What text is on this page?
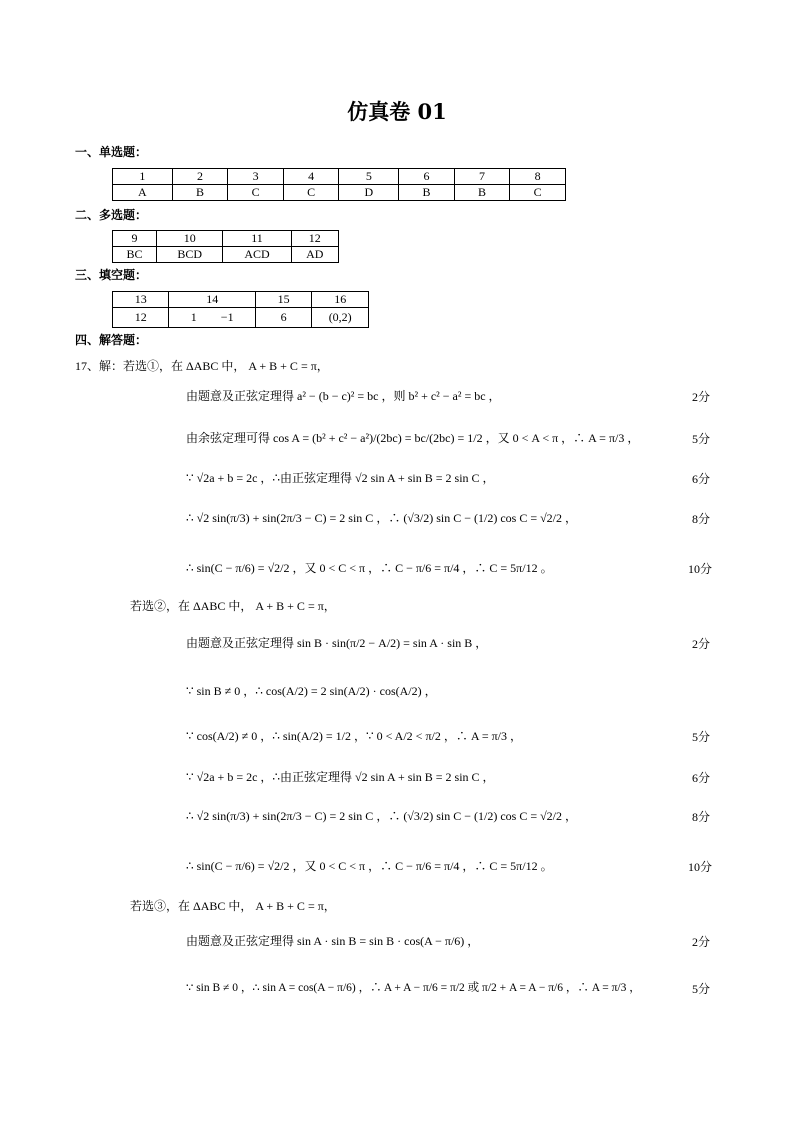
仿真卷 01
一、单选题：
1	2	3	4	5	6	7	8
A	B	C	C	D	B	B	C
二、多选题：
9	10	11	12
BC	BCD	ACD	AD
三、填空题：
13	14	15	16
12	1　　−1	6	(0,2)
四、解答题：
17、解：若选①，在 ΔABC 中， A + B + C = π，
由题意及正弦定理得 a² − (b − c)² = bc ，则 b² + c² − a² = bc ，	2分
由余弦定理可得 cos A = (b² + c² − a²)/(2bc) = bc/(2bc) = 1/2 ，又 0 < A < π ，∴ A = π/3 ，	5分
∵ √2a + b = 2c ，∴由正弦定理得 √2 sin A + sin B = 2 sin C ，	6分
∴ √2 sin(π/3) + sin(2π/3 − C) = 2 sin C ，∴ (√3/2) sin C − (1/2) cos C = √2/2 ，	8分
∴ sin(C − π/6) = √2/2 ，又 0 < C < π ，∴ C − π/6 = π/4 ，∴ C = 5π/12 。	10分
若选②，在 ΔABC 中， A + B + C = π，
由题意及正弦定理得 sin B · sin(π/2 − A/2) = sin A · sin B ，	2分
∵ sin B ≠ 0 ，∴ cos(A/2) = 2 sin(A/2) · cos(A/2) ，
∵ cos(A/2) ≠ 0 ，∴ sin(A/2) = 1/2 ，∵ 0 < A/2 < π/2 ，∴ A = π/3 ，	5分
∵ √2a + b = 2c ，∴由正弦定理得 √2 sin A + sin B = 2 sin C ，	6分
∴ √2 sin(π/3) + sin(2π/3 − C) = 2 sin C ，∴ (√3/2) sin C − (1/2) cos C = √2/2 ，	8分
∴ sin(C − π/6) = √2/2 ，又 0 < C < π ，∴ C − π/6 = π/4 ，∴ C = 5π/12 。	10分
若选③，在 ΔABC 中， A + B + C = π，
由题意及正弦定理得 sin A · sin B = sin B · cos(A − π/6) ，	2分
∵ sin B ≠ 0 ，∴ sin A = cos(A − π/6) ，∴ A + A − π/6 = π/2 或 π/2 + A = A − π/6 ，∴ A = π/3 ，	5分
